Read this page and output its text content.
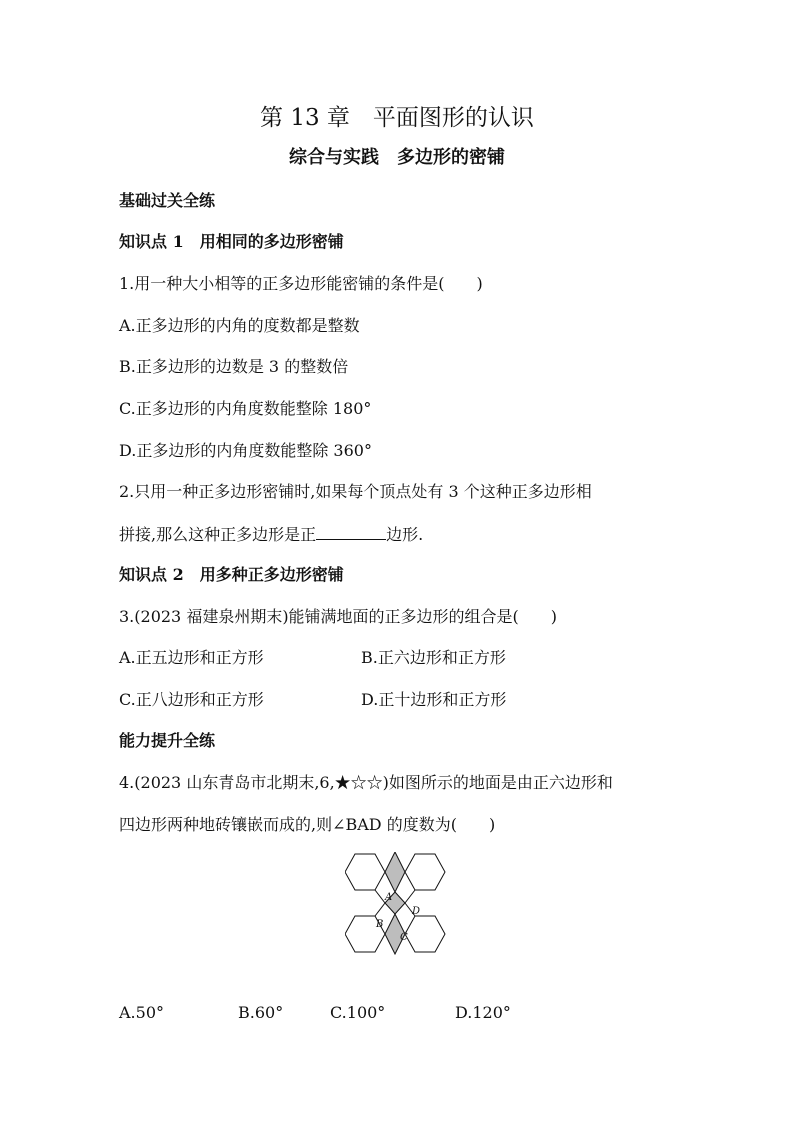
第 13 章　平面图形的认识
综合与实践　多边形的密铺
基础过关全练
知识点 1　用相同的多边形密铺
1.用一种大小相等的正多边形能密铺的条件是(　　)
A.正多边形的内角的度数都是整数
B.正多边形的边数是 3 的整数倍
C.正多边形的内角度数能整除 180°
D.正多边形的内角度数能整除 360°
2.只用一种正多边形密铺时,如果每个顶点处有 3 个这种正多边形相
拼接,那么这种正多边形是正	边形.
知识点 2　用多种正多边形密铺
3.(2023 福建泉州期末)能铺满地面的正多边形的组合是(　　)
A.正五边形和正方形	B.正六边形和正方形
C.正八边形和正方形	D.正十边形和正方形
能力提升全练
4.(2023 山东青岛市北期末,6,★☆☆)如图所示的地面是由正六边形和
四边形两种地砖镶嵌而成的,则∠BAD 的度数为(　　)
A
B
C
D
A.50°	B.60°	C.100°	D.120°
